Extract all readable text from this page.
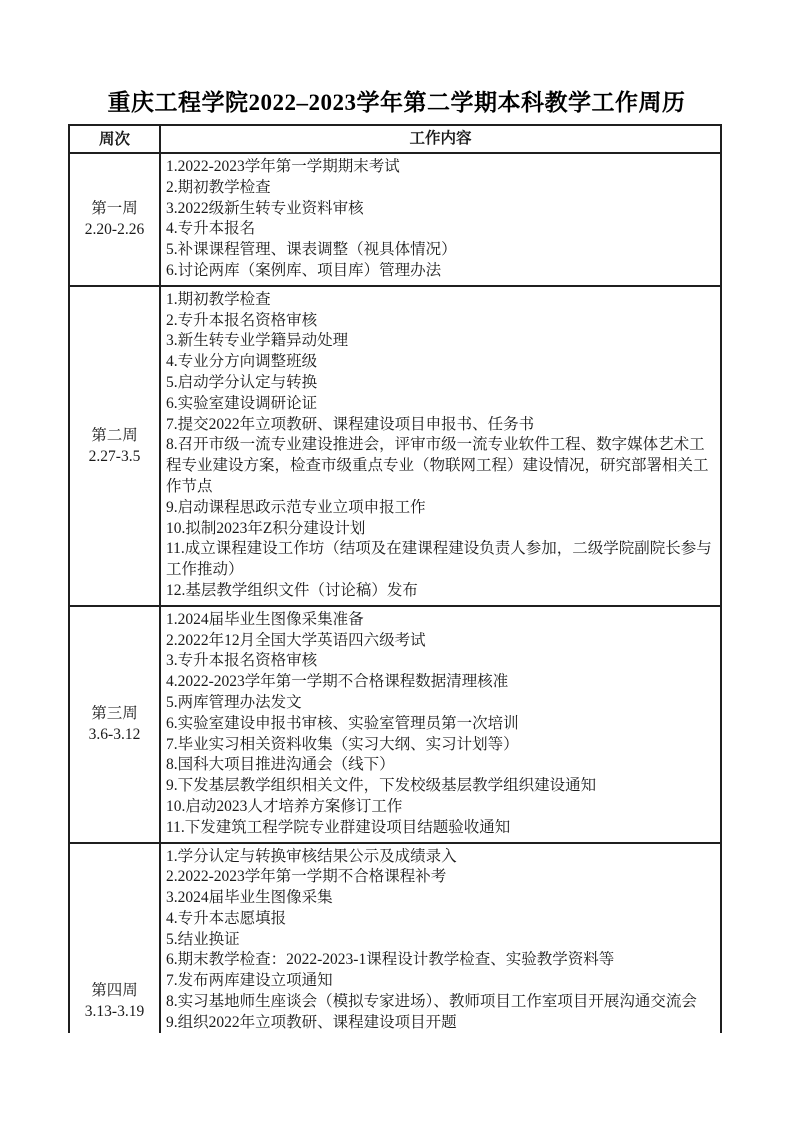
重庆工程学院2022–2023学年第二学期本科教学工作周历
周次	工作内容
第一周
2.20-2.26
1.2022-2023学年第一学期期末考试
2.期初教学检查
3.2022级新生转专业资料审核
4.专升本报名
5.补课课程管理、课表调整（视具体情况）
6.讨论两库（案例库、项目库）管理办法
第二周
2.27-3.5
1.期初教学检查
2.专升本报名资格审核
3.新生转专业学籍异动处理
4.专业分方向调整班级
5.启动学分认定与转换
6.实验室建设调研论证
7.提交2022年立项教研、课程建设项目申报书、任务书
8.召开市级一流专业建设推进会，评审市级一流专业软件工程、数字媒体艺术工程专业建设方案，检查市级重点专业（物联网工程）建设情况，研究部署相关工作节点
9.启动课程思政示范专业立项申报工作
10.拟制2023年Z积分建设计划
11.成立课程建设工作坊（结项及在建课程建设负责人参加，二级学院副院长参与工作推动）
12.基层教学组织文件（讨论稿）发布
第三周
3.6-3.12
1.2024届毕业生图像采集准备
2.2022年12月全国大学英语四六级考试
3.专升本报名资格审核
4.2022-2023学年第一学期不合格课程数据清理核准
5.两库管理办法发文
6.实验室建设申报书审核、实验室管理员第一次培训
7.毕业实习相关资料收集（实习大纲、实习计划等）
8.国科大项目推进沟通会（线下）
9.下发基层教学组织相关文件，下发校级基层教学组织建设通知
10.启动2023人才培养方案修订工作
11.下发建筑工程学院专业群建设项目结题验收通知
第四周
3.13-3.19
1.学分认定与转换审核结果公示及成绩录入
2.2022-2023学年第一学期不合格课程补考
3.2024届毕业生图像采集
4.专升本志愿填报
5.结业换证
6.期末教学检查：2022-2023-1课程设计教学检查、实验教学资料等
7.发布两库建设立项通知
8.实习基地师生座谈会（模拟专家进场）、教师项目工作室项目开展沟通交流会
9.组织2022年立项教研、课程建设项目开题
